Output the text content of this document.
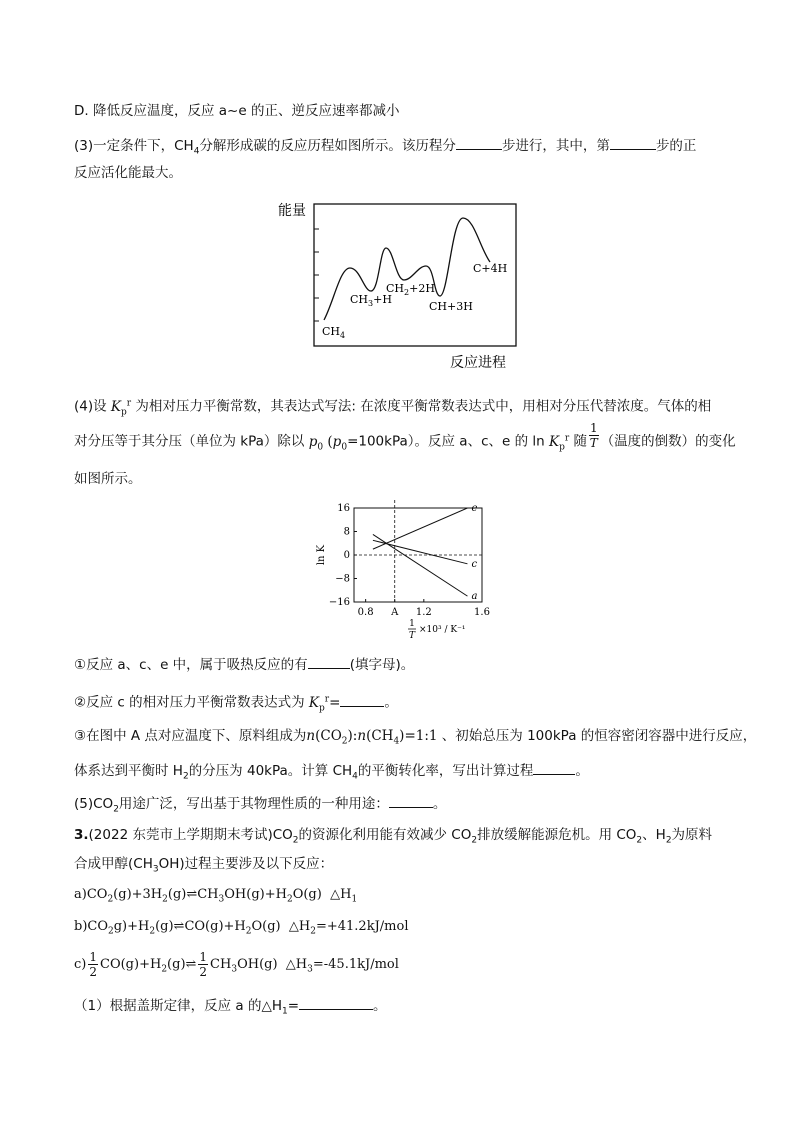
D. 降低反应温度，反应 a~e 的正、逆反应速率都减小
(3)一定条件下，$CH_4$分解形成碳的反应历程如图所示。该历程分	步进行，其中，第	步的正
反应活化能最大。
能量
$CH_4$
$CH_3+H$
$CH_2+2H$
CH+3H
C+4H
反应进程
(4)设 $K_p^r$ 为相对压力平衡常数，其表达式写法: 在浓度平衡常数表达式中，用相对分压代替浓度。气体的相
对分压等于其分压（单位为 kPa）除以 $p_0$ $(p_0=100kPa)$。反应 a、c、e 的 $\ln K_p^r$ 随 $\frac{1}{T}$ （温度的倒数）的变化
如图所示。
16
8
0
−8
−16
0.8 A 1.2	1.6
e
c
a
ln K
1
T
×10³ / K⁻¹
①反应 a、c、e 中，属于吸热反应的有	(填字母)。
②反应 c 的相对压力平衡常数表达式为 $K_p^r=$	。
③在图中 A 点对应温度下、原料组成为$n(CO_2):n(CH_4)=1:1$ 、初始总压为 100kPa 的恒容密闭容器中进行反应，
体系达到平衡时 $H_2$的分压为 40kPa。计算 $CH_4$的平衡转化率，写出计算过程	。
$(5)CO_2$用途广泛，写出基于其物理性质的一种用途：	。
3.(2022 东莞市上学期期末考试)$CO_2$的资源化利用能有效减少 $CO_2$排放缓解能源危机。用 $CO_2$、$H_2$为原料
合成甲醇$(CH_3OH)$过程主要涉及以下反应：
$a)CO_2(g)+3H_2(g)\rightleftharpoons CH_3OH(g)+H_2O(g)$  $\triangle H_1$
$b)CO_2g)+H_2(g)\rightleftharpoons CO(g)+H_2O(g)$  $\triangle H_2=+41.2kJ$/mol
$c) \frac{1}{2}$ $CO(g)+H_2(g)\rightleftharpoons \frac{1}{2} CH_3OH(g)$  $\triangle H_3=-45.1kJ$/mol
（1）根据盖斯定律，反应 a 的$\triangle H_1=$	。
